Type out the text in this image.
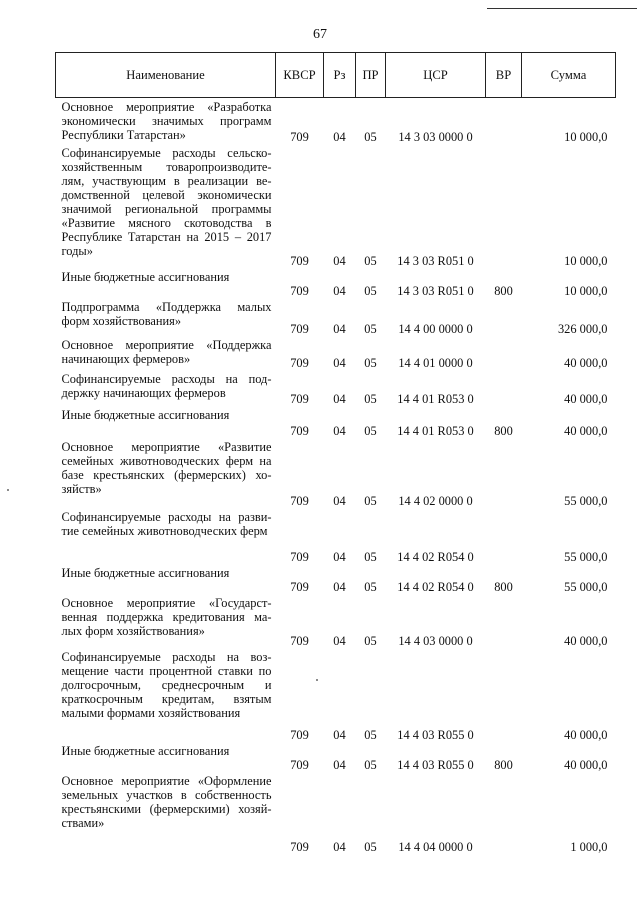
67
Наименование	КВСР	Рз	ПР	ЦСР	ВР	Сумма
Основное мероприятие «Разработка экономически значимых программ Республики Татарстан»	709	04	05	14 3 03 0000 0		10 000,0
Софинансируемые расходы сельско-хозяйственным товаропроизводите-лям, участвующим в реализации ве-домственной целевой экономически значимой региональной программы «Развитие мясного скотоводства в Республике Татарстан на 2015 – 2017 годы»	709	04	05	14 3 03 R051 0		10 000,0
Иные бюджетные ассигнования	709	04	05	14 3 03 R051 0	800	10 000,0
Подпрограмма «Поддержка малых форм хозяйствования»	709	04	05	14 4 00 0000 0		326 000,0
Основное мероприятие «Поддержка начинающих фермеров»	709	04	05	14 4 01 0000 0		40 000,0
Софинансируемые расходы на под-держку начинающих фермеров	709	04	05	14 4 01 R053 0		40 000,0
Иные бюджетные ассигнования	709	04	05	14 4 01 R053 0	800	40 000,0
Основное мероприятие «Развитие семейных животноводческих ферм на базе крестьянских (фермерских) хо-зяйств»	709	04	05	14 4 02 0000 0		55 000,0
Софинансируемые расходы на разви-тие семейных животноводческих ферм	709	04	05	14 4 02 R054 0		55 000,0
Иные бюджетные ассигнования	709	04	05	14 4 02 R054 0	800	55 000,0
Основное мероприятие «Государст-венная поддержка кредитования ма-лых форм хозяйствования»	709	04	05	14 4 03 0000 0		40 000,0
Софинансируемые расходы на воз-мещение части процентной ставки по долгосрочным, среднесрочным и краткосрочным кредитам, взятым малыми формами хозяйствования	709	04	05	14 4 03 R055 0		40 000,0
Иные бюджетные ассигнования	709	04	05	14 4 03 R055 0	800	40 000,0
Основное мероприятие «Оформление земельных участков в собственность крестьянскими (фермерскими) хозяй-ствами»	709	04	05	14 4 04 0000 0		1 000,0
